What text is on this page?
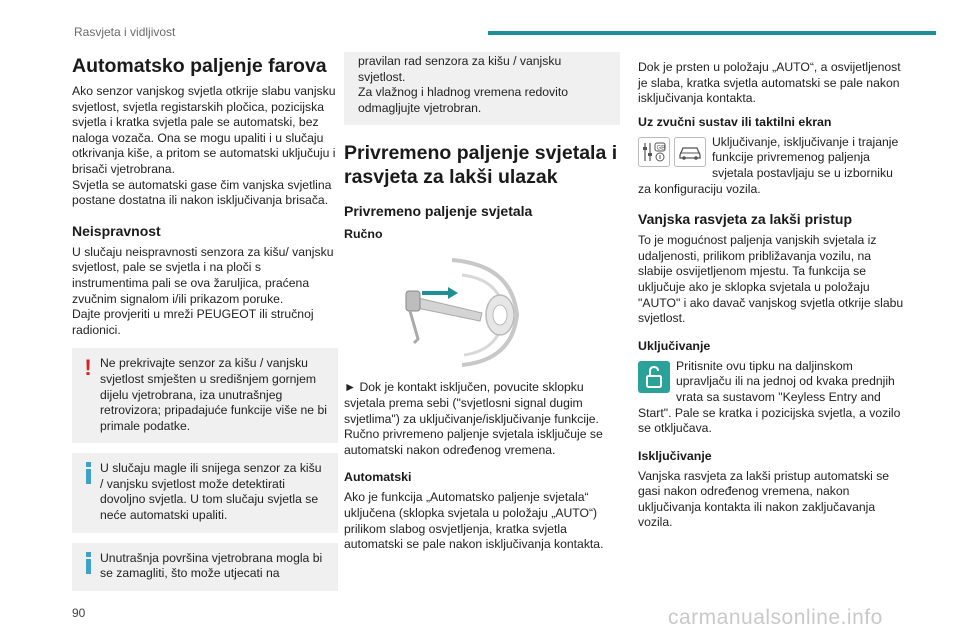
Rasvjeta i vidljivost
Automatsko paljenje farova

Ako senzor vanjskog svjetla otkrije slabu vanjsku svjetlost, svjetla registarskih pločica, pozicijska svjetla i kratka svjetla pale se automatski, bez naloga vozača. Ona se mogu upaliti i u slučaju otkrivanja kiše, a pritom se automatski uključuju i brisači vjetrobrana.

Svjetla se automatski gase čim vanjska svjetlina postane dostatna ili nakon isključivanja brisača.

Neispravnost

U slučaju neispravnosti senzora za kišu/ vanjsku svjetlost, pale se svjetla i na ploči s instrumentima pali se ova žaruljica, praćena zvučnim signalom i/ili prikazom poruke.

Dajte provjeriti u mreži PEUGEOT ili stručnoj radionici.

! Ne prekrivajte senzor za kišu / vanjsku svjetlost smješten u središnjem gornjem dijelu vjetrobrana, iza unutrašnjeg retrovizora; pripadajuće funkcije više ne bi primale podatke.

U slučaju magle ili snijega senzor za kišu / vanjsku svjetlost može detektirati dovoljno svjetla. U tom slučaju svjetla se neće automatski upaliti.

Unutrašnja površina vjetrobrana mogla bi se zamagliti, što može utjecati na

pravilan rad senzora za kišu / vanjsku svjetlost.

Za vlažnog i hladnog vremena redovito odmagljujte vjetrobran.

Privremeno paljenje svjetala i rasvjeta za lakši ulazak
Privremeno paljenje svjetala
Ručno

► Dok je kontakt isključen, povucite sklopku svjetala prema sebi ("svjetlosni signal dugim svjetlima") za uključivanje/isključivanje funkcije. Ručno privremeno paljenje svjetala isključuje se automatski nakon određenog vremena.

Automatski

Ako je funkcija „Automatsko paljenje svjetala“ uključena (sklopka svjetala u položaju „AUTO“) prilikom slabog osvjetljenja, kratka svjetla automatski se pale nakon isključivanja kontakta.

Dok je prsten u položaju „AUTO“, a osvijetljenost je slaba, kratka svjetla automatski se pale nakon isključivanja kontakta.

Uz zvučni sustav ili taktilni ekran
GB	Uključivanje, isključivanje i trajanje funkcije privremenog paljenja svjetala postavljaju se u izborniku za konfiguraciju vozila.

Vanjska rasvjeta za lakši pristup

To je mogućnost paljenja vanjskih svjetala iz udaljenosti, prilikom približavanja vozilu, na slabije osvijetljenom mjestu. Ta funkcija se uključuje ako je sklopka svjetala u položaju "AUTO" i ako davač vanjskog svjetla otkrije slabu svjetlost.

Uključivanje

Pritisnite ovu tipku na daljinskom upravljaču ili na jednoj od kvaka prednjih vrata sa sustavom "Keyless Entry and Start". Pale se kratka i pozicijska svjetla, a vozilo se otključava.

Isključivanje

Vanjska rasvjeta za lakši pristup automatski se gasi nakon određenog vremena, nakon uključivanja kontakta ili nakon zaključavanja vozila.

90	carmanualsonline.info
